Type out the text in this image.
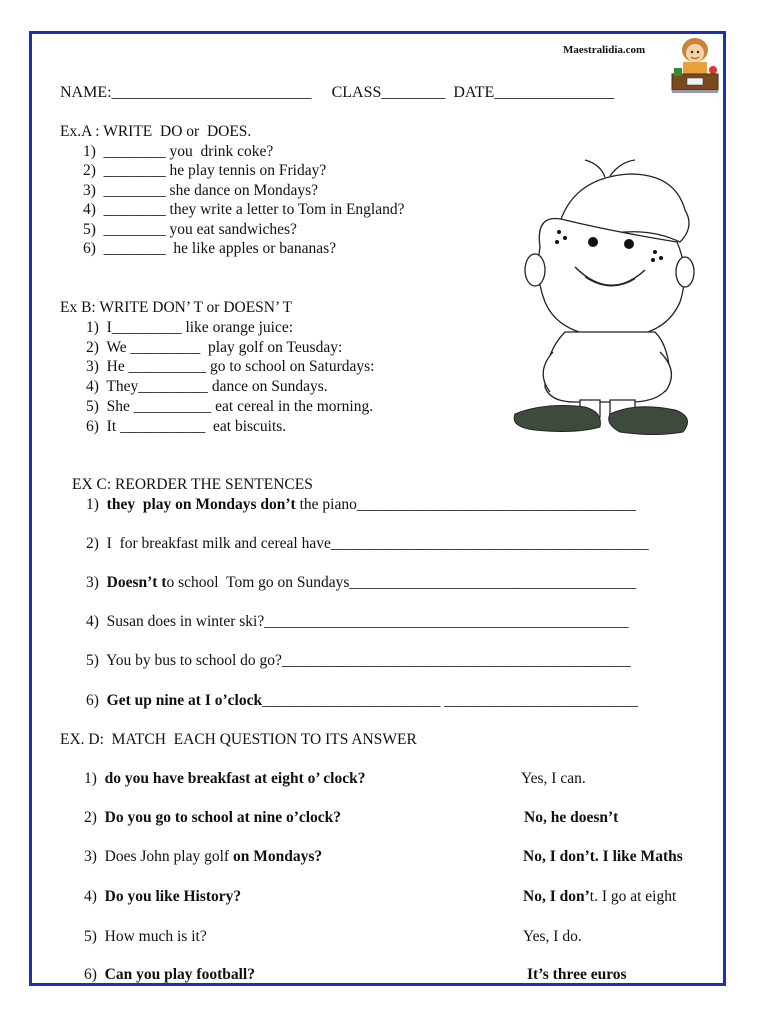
Maestralidia.com
NAME:_________________________ CLASS________ DATE_______________
Ex.A : WRITE  DO or  DOES.
1)  ________ you  drink coke?
2)  ________ he play tennis on Friday?
3)  ________ she dance on Mondays?
4)  ________ they write a letter to Tom in England?
5)  ________ you eat sandwiches?
6)  ________  he like apples or bananas?
Ex B: WRITE DON’ T or DOESN’ T
1)  I_________ like orange juice:
2)  We _________  play golf on Teusday:
3)  He __________ go to school on Saturdays:
4)  They_________ dance on Sundays.
5)  She __________ eat cereal in the morning.
6)  It ___________  eat biscuits.
EX C: REORDER THE SENTENCES
1)  they  play on Mondays don’t the piano____________________________________
2)  I  for breakfast milk and cereal have_________________________________________
3)  Doesn’t to school  Tom go on Sundays_____________________________________
4)  Susan does in winter ski?_______________________________________________
5)  You by bus to school do go?_____________________________________________
6)  Get up nine at I o’clock_______________________ _________________________
EX. D:  MATCH  EACH QUESTION TO ITS ANSWER
1)  do you have breakfast at eight o’ clock?
2)  Do you go to school at nine o’clock?
3)  Does John play golf on Mondays?
4)  Do you like History?
5)  How much is it?
6)  Can you play football?
Yes, I can.
No, he doesn’t
No, I don’t. I like Maths
No, I don’t. I go at eight
Yes, I do.
It’s three euros
